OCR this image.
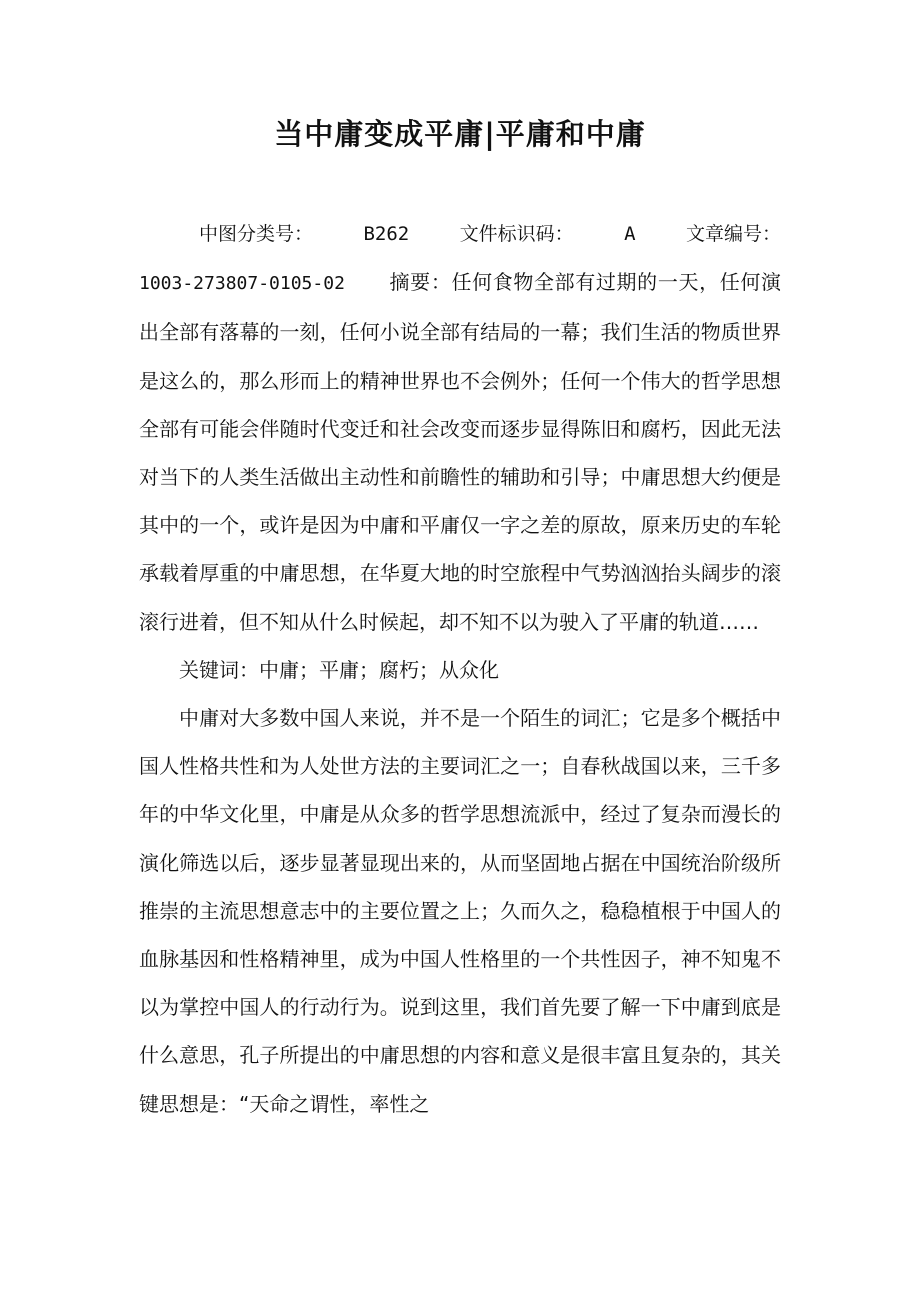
当中庸变成平庸|平庸和中庸
中图分类号：	B262	文件标识码：	A	文章编号：

1003-273807-0105-02 摘要：任何食物全部有过期的一天，任何演出全部有落幕的一刻，任何小说全部有结局的一幕；我们生活的物质世界是这么的，那么形而上的精神世界也不会例外；任何一个伟大的哲学思想全部有可能会伴随时代变迁和社会改变而逐步显得陈旧和腐朽，因此无法对当下的人类生活做出主动性和前瞻性的辅助和引导；中庸思想大约便是其中的一个，或许是因为中庸和平庸仅一字之差的原故，原来历史的车轮承载着厚重的中庸思想，在华夏大地的时空旅程中气势汹汹抬头阔步的滚滚行进着，但不知从什么时候起，却不知不以为驶入了平庸的轨道……

关键词：中庸；平庸；腐朽；从众化

中庸对大多数中国人来说，并不是一个陌生的词汇；它是多个概括中国人性格共性和为人处世方法的主要词汇之一；自春秋战国以来，三千多年的中华文化里，中庸是从众多的哲学思想流派中，经过了复杂而漫长的演化筛选以后，逐步显著显现出来的，从而坚固地占据在中国统治阶级所推崇的主流思想意志中的主要位置之上；久而久之，稳稳植根于中国人的血脉基因和性格精神里，成为中国人性格里的一个共性因子，神不知鬼不以为掌控中国人的行动行为。说到这里，我们首先要了解一下中庸到底是什么意思，孔子所提出的中庸思想的内容和意义是很丰富且复杂的，其关键思想是：“天命之谓性，率性之
